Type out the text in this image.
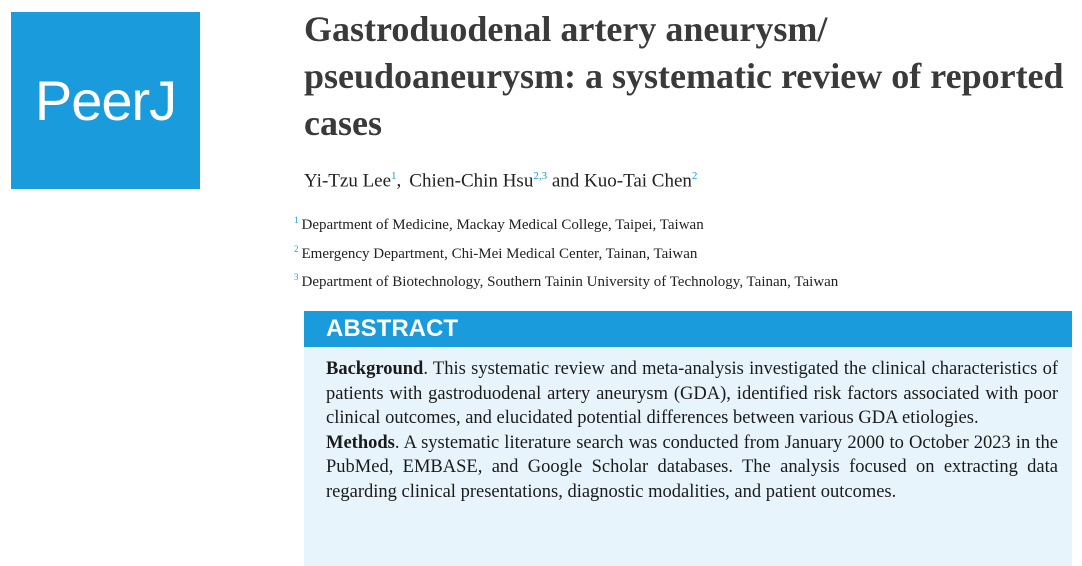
PeerJ
Gastroduodenal artery aneurysm/ pseudoaneurysm: a systematic review of reported cases

Yi-Tzu Lee$^1$, Chien-Chin Hsu$^{2,3}$ and Kuo-Tai Chen$^2$

$^1$ Department of Medicine, Mackay Medical College, Taipei, Taiwan
$^2$ Emergency Department, Chi-Mei Medical Center, Tainan, Taiwan
$^3$ Department of Biotechnology, Southern Tainin University of Technology, Tainan, Taiwan
ABSTRACT

Background. This systematic review and meta-analysis investigated the clinical characteristics of patients with gastroduodenal artery aneurysm (GDA), identified risk factors associated with poor clinical outcomes, and elucidated potential differences between various GDA etiologies.

Methods. A systematic literature search was conducted from January 2000 to October 2023 in the PubMed, EMBASE, and Google Scholar databases. The analysis focused on extracting data regarding clinical presentations, diagnostic modalities, and patient outcomes.
